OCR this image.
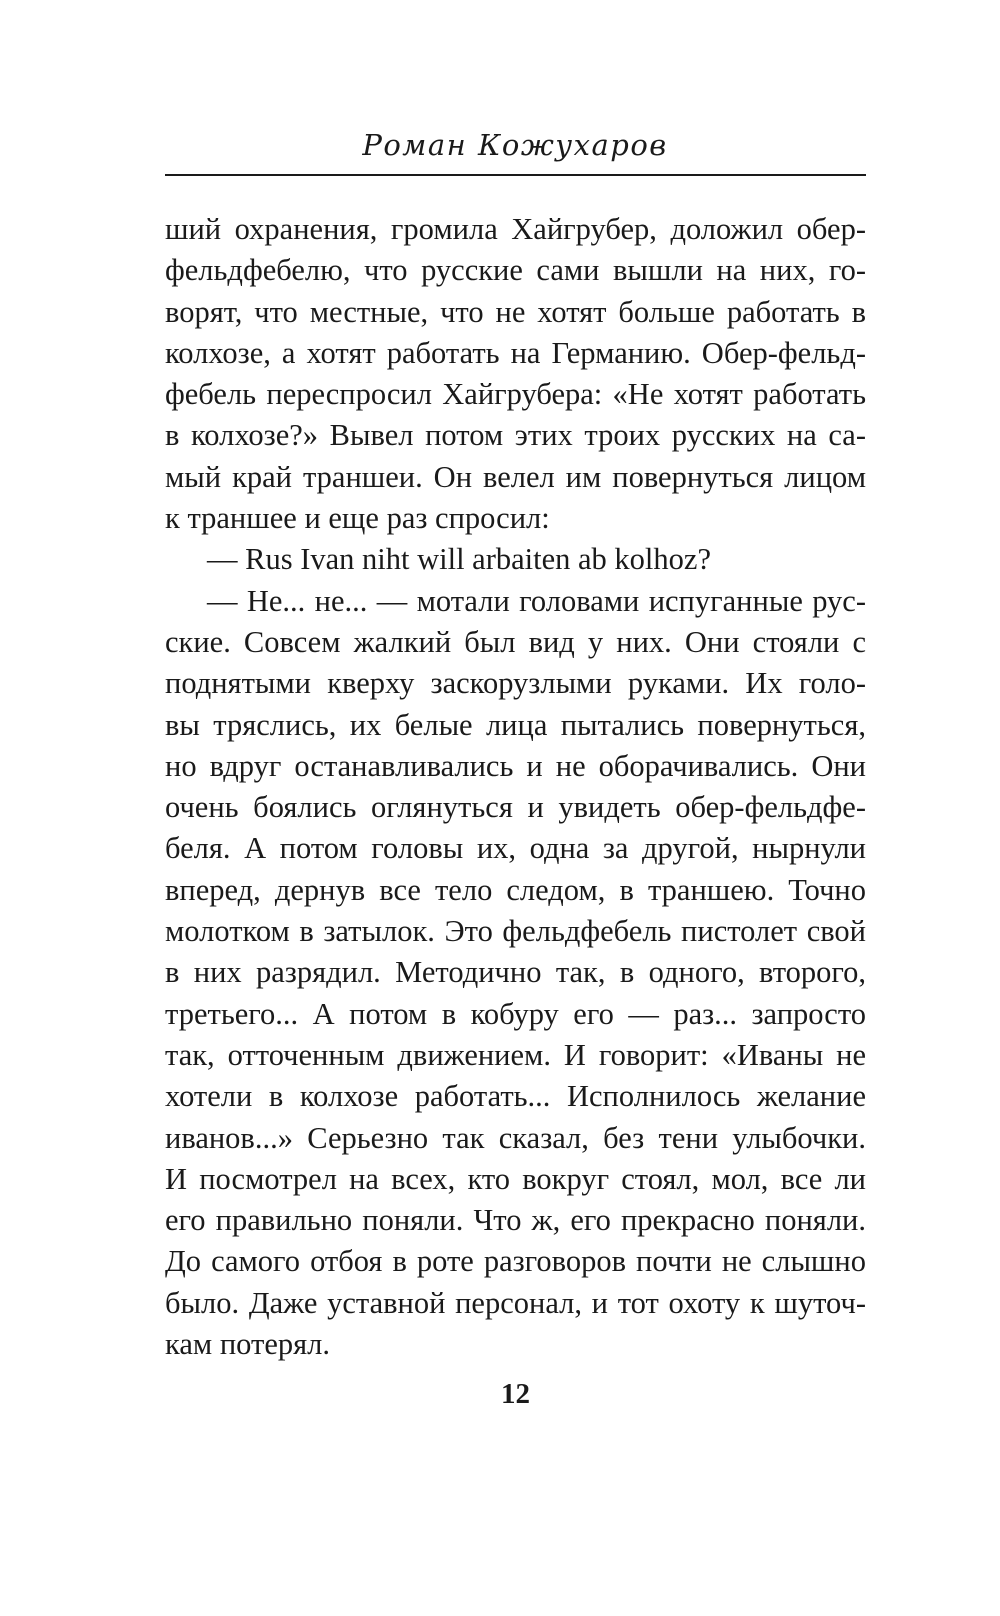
Роман Кожухаров
ший охранения, громила Хайгрубер, доложил обер-
фельдфебелю, что русские сами вышли на них, го-
ворят, что местные, что не хотят больше работать в
колхозе, а хотят работать на Германию. Обер-фельд-
фебель переспросил Хайгрубера: «Не хотят работать
в колхозе?» Вывел потом этих троих русских на са-
мый край траншеи. Он велел им повернуться лицом
к траншее и еще раз спросил:
— Rus Ivan niht will arbaiten ab kolhoz?
— Не... не... — мотали головами испуганные рус-
ские. Совсем жалкий был вид у них. Они стояли с
поднятыми кверху заскорузлыми руками. Их голо-
вы тряслись, их белые лица пытались повернуться,
но вдруг останавливались и не оборачивались. Они
очень боялись оглянуться и увидеть обер-фельдфе-
беля. А потом головы их, одна за другой, нырнули
вперед, дернув все тело следом, в траншею. Точно
молотком в затылок. Это фельдфебель пистолет свой
в них разрядил. Методично так, в одного, второго,
третьего... А потом в кобуру его — раз... запросто
так, отточенным движением. И говорит: «Иваны не
хотели в колхозе работать... Исполнилось желание
иванов...» Серьезно так сказал, без тени улыбочки.
И посмотрел на всех, кто вокруг стоял, мол, все ли
его правильно поняли. Что ж, его прекрасно поняли.
До самого отбоя в роте разговоров почти не слышно
было. Даже уставной персонал, и тот охоту к шуточ-
кам потерял.
12
